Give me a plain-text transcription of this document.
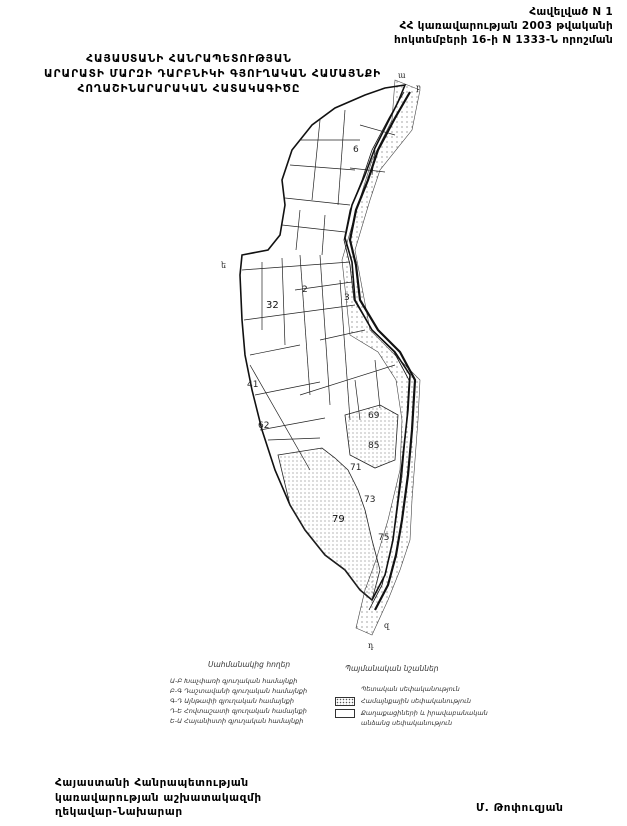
Հավելված N 1
ՀՀ կառավարության 2003 թվականի
հոկտեմբերի 16-ի N 1333-Ն որոշման
ՀԱՅԱՍՏԱՆԻ ՀԱՆՐԱՊԵՏՈՒԹՅԱՆ
ԱՐԱՐԱՏԻ ՄԱՐԶԻ ԴԱՐԲՆԻԿԻ ԳՅՈՒՂԱԿԱՆ ՀԱՄԱՅՆՔԻ
ՀՈՂԱՇԻՆԱՐԱՐԱԿԱՆ ՀԱՏԱԿԱԳԻԾԸ
6
2
3
32
41
62
69
71
73
75
79
85
ա
բ
ե
զ
դ
Սահմանակից հողեր	Պայմանական նշաններ
Ա-Բ Խաչփառի գյուղական համայնքի
Բ-Գ Դաշտավանի գյուղական համայնքի
Գ-Դ Այնթափի գյուղական համայնքի
Դ-Ե Հովտաշատի գյուղական համայնքի
Ե-Ա Հայանիստի գյուղական համայնքի
Պետական սեփականություն
Համայնքային սեփականություն
Քաղաքացիների և իրավաբանական անձանց սեփականություն
Հայաստանի Հանրապետության
կառավարության աշխատակազմի
ղեկավար-Նախարար	Մ. Թոփուզյան
